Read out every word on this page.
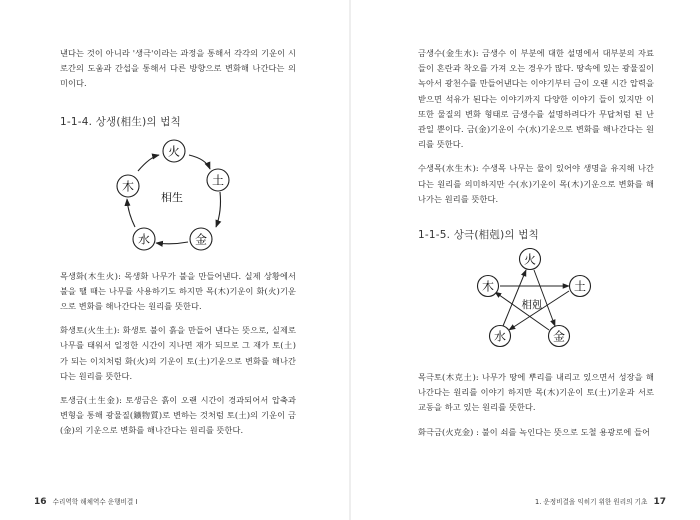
낸다는 것이 아니라 '생극'이라는 과정을 통해서 각각의 기운이 시로간의 도움과 간섭을 통해서 다른 방향으로 변화해 나간다는 의미이다.

1-1-4. 상생(相生)의 법칙
火
土
金
水
木
相生

목생화(木生火): 목생화 나무가 불을 만들어낸다. 실제 상황에서 불을 땔 때는 나무를 사용하기도 하지만 목(木)기운이 화(火)기운으로 변화를 해나간다는 원리를 뜻한다.

화생토(火生土): 화생토 불이 흙을 만들어 낸다는 뜻으로, 실제로 나무를 태워서 일정한 시간이 지나면 재가 되므로 그 재가 토(土)가 되는 이치처럼 화(火)의 기운이 토(土)기운으로 변화를 해나간다는 원리를 뜻한다.

토생금(土生金): 토생금은 흙이 오랜 시간이 경과되어서 압축과 변형을 통해 광물질(鑛物質)로 변하는 것처럼 토(土)의 기운이 금(金)의 기운으로 변화를 해나간다는 원리를 뜻한다.

16 수리역학 해체역수 운행비결 I

금생수(金生水): 금생수 이 부분에 대한 설명에서 대부분의 자료들이 혼란과 착오를 가져 오는 경우가 많다. 땅속에 있는 광물질이 녹아서 광천수를 만들어낸다는 이야기부터 금이 오랜 시간 압력을 받으면 석유가 된다는 이야기까지 다양한 이야기 들이 있지만 이 또한 물질의 변화 형태로 금생수를 설명하려다가 무답처럼 된 난관일 뿐이다. 금(金)기운이 수(水)기운으로 변화를 해나간다는 원리를 뜻한다.

수생목(水生木): 수생목 나무는 물이 있어야 생명을 유지해 나간다는 원리를 의미하지만 수(水)기운이 목(木)기운으로 변화를 해 나가는 원리를 뜻한다.

1-1-5. 상극(相剋)의 법칙
火
土
金
水
木
相剋

목극토(木克土): 나무가 땅에 뿌리를 내리고 있으면서 성장을 해 나간다는 원리를 이야기 하지만 목(木)기운이 토(土)기운과 서로 교동을 하고 있는 원리를 뜻한다.

화극금(火克金) : 불이 쇠를 녹인다는 뜻으로 도철 용광로에 들어

1. 운정비결을 익히기 위한 원리의 기초 17
